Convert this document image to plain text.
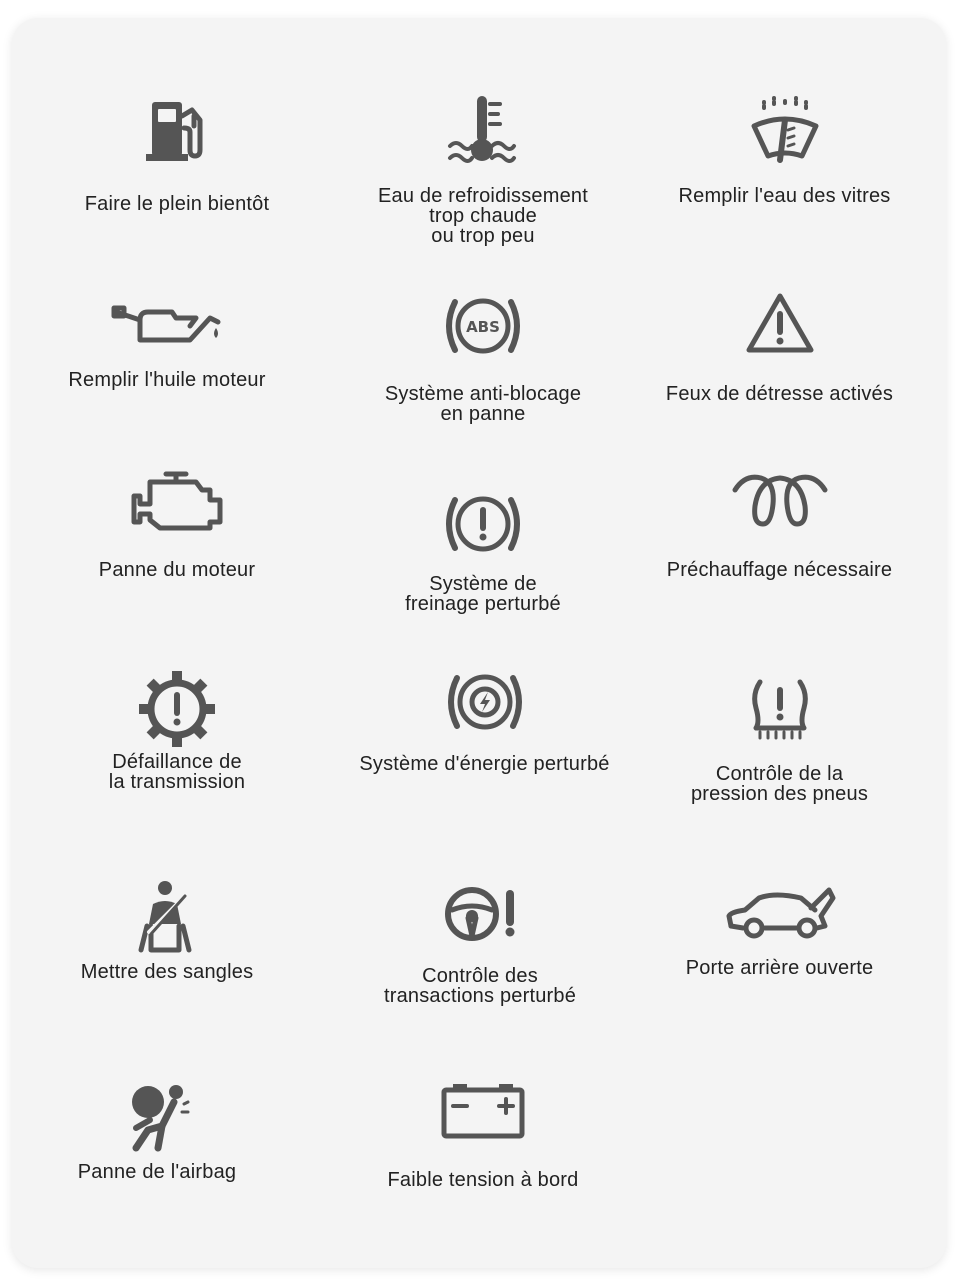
Faire le plein bientôt	Eau de refroidissement
trop chaude
ou trop peu
Remplir l'eau des vitres
Remplir l'huile moteur
ABS
Système anti-blocage
en panne
Feux de détresse activés
Panne du moteur
Système de
freinage perturbé
Préchauffage nécessaire
Défaillance de
la transmission
Système d'énergie perturbé	Contrôle de la
pression des pneus
Mettre des sangles	Contrôle des
transactions perturbé
Porte arrière ouverte
Panne de l'airbag	Faible tension à bord
